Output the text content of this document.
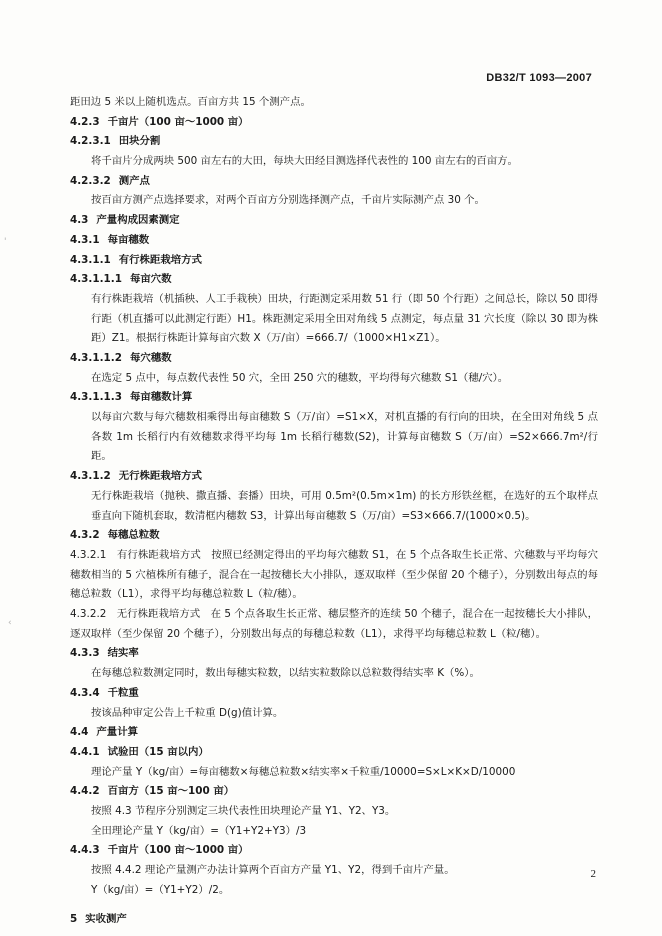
DB32/T 1093—2007
距田边 5 米以上随机选点。百亩方共 15 个测产点。
4.2.3 千亩片（100 亩～1000 亩）
4.2.3.1 田块分割
将千亩片分成两块 500 亩左右的大田，每块大田经目测选择代表性的 100 亩左右的百亩方。
4.2.3.2 测产点
按百亩方测产点选择要求，对两个百亩方分别选择测产点，千亩片实际测产点 30 个。
4.3 产量构成因素测定
4.3.1 每亩穗数
4.3.1.1 有行株距栽培方式
4.3.1.1.1 每亩穴数
有行株距栽培（机插秧、人工手栽秧）田块，行距测定采用数 51 行（即 50 个行距）之间总长，除以 50 即得行距（机直播可以此测定行距）H1。株距测定采用全田对角线 5 点测定，每点量 31 穴长度（除以 30 即为株距）Z1。根据行株距计算每亩穴数 X（万/亩）=666.7/（1000×H1×Z1）。
4.3.1.1.2 每穴穗数
在选定 5 点中，每点数代表性 50 穴，全田 250 穴的穗数，平均得每穴穗数 S1（穗/穴）。
4.3.1.1.3 每亩穗数计算
以每亩穴数与每穴穗数相乘得出每亩穗数 S（万/亩）=S1×X，对机直播的有行向的田块，在全田对角线 5 点各数 1m 长稻行内有效穗数求得平均每 1m 长稻行穗数(S2)，计算每亩穗数 S（万/亩）=S2×666.7m²/行距。
4.3.1.2 无行株距栽培方式
无行株距栽培（抛秧、撒直播、套播）田块，可用 0.5m²(0.5m×1m) 的长方形铁丝框，在选好的五个取样点垂直向下随机套取，数清框内穗数 S3，计算出每亩穗数 S（万/亩）=S3×666.7/(1000×0.5)。
4.3.2 每穗总粒数
4.3.2.1　有行株距栽培方式　按照已经测定得出的平均每穴穗数 S1，在 5 个点各取生长正常、穴穗数与平均每穴穗数相当的 5 穴植株所有穗子，混合在一起按穗长大小排队，逐双取样（至少保留 20 个穗子），分别数出每点的每穗总粒数（L1），求得平均每穗总粒数 L（粒/穗）。
4.3.2.2　无行株距栽培方式　在 5 个点各取生长正常、穗层整齐的连续 50 个穗子，混合在一起按穗长大小排队，逐双取样（至少保留 20 个穗子），分别数出每点的每穗总粒数（L1），求得平均每穗总粒数 L（粒/穗）。
4.3.3 结实率
在每穗总粒数测定同时，数出每穗实粒数，以结实粒数除以总粒数得结实率 K（%）。
4.3.4 千粒重
按该品种审定公告上千粒重 D(g)值计算。
4.4 产量计算
4.4.1 试验田（15 亩以内）
理论产量 Y（kg/亩）=每亩穗数×每穗总粒数×结实率×千粒重/10000=S×L×K×D/10000
4.4.2 百亩方（15 亩～100 亩）
按照 4.3 节程序分别测定三块代表性田块理论产量 Y1、Y2、Y3。
全田理论产量 Y（kg/亩）=（Y1+Y2+Y3）/3
4.4.3 千亩片（100 亩～1000 亩）
按照 4.4.2 理论产量测产办法计算两个百亩方产量 Y1、Y2，得到千亩片产量。
Y（kg/亩）=（Y1+Y2）/2。
5 实收测产
2
'
‹
